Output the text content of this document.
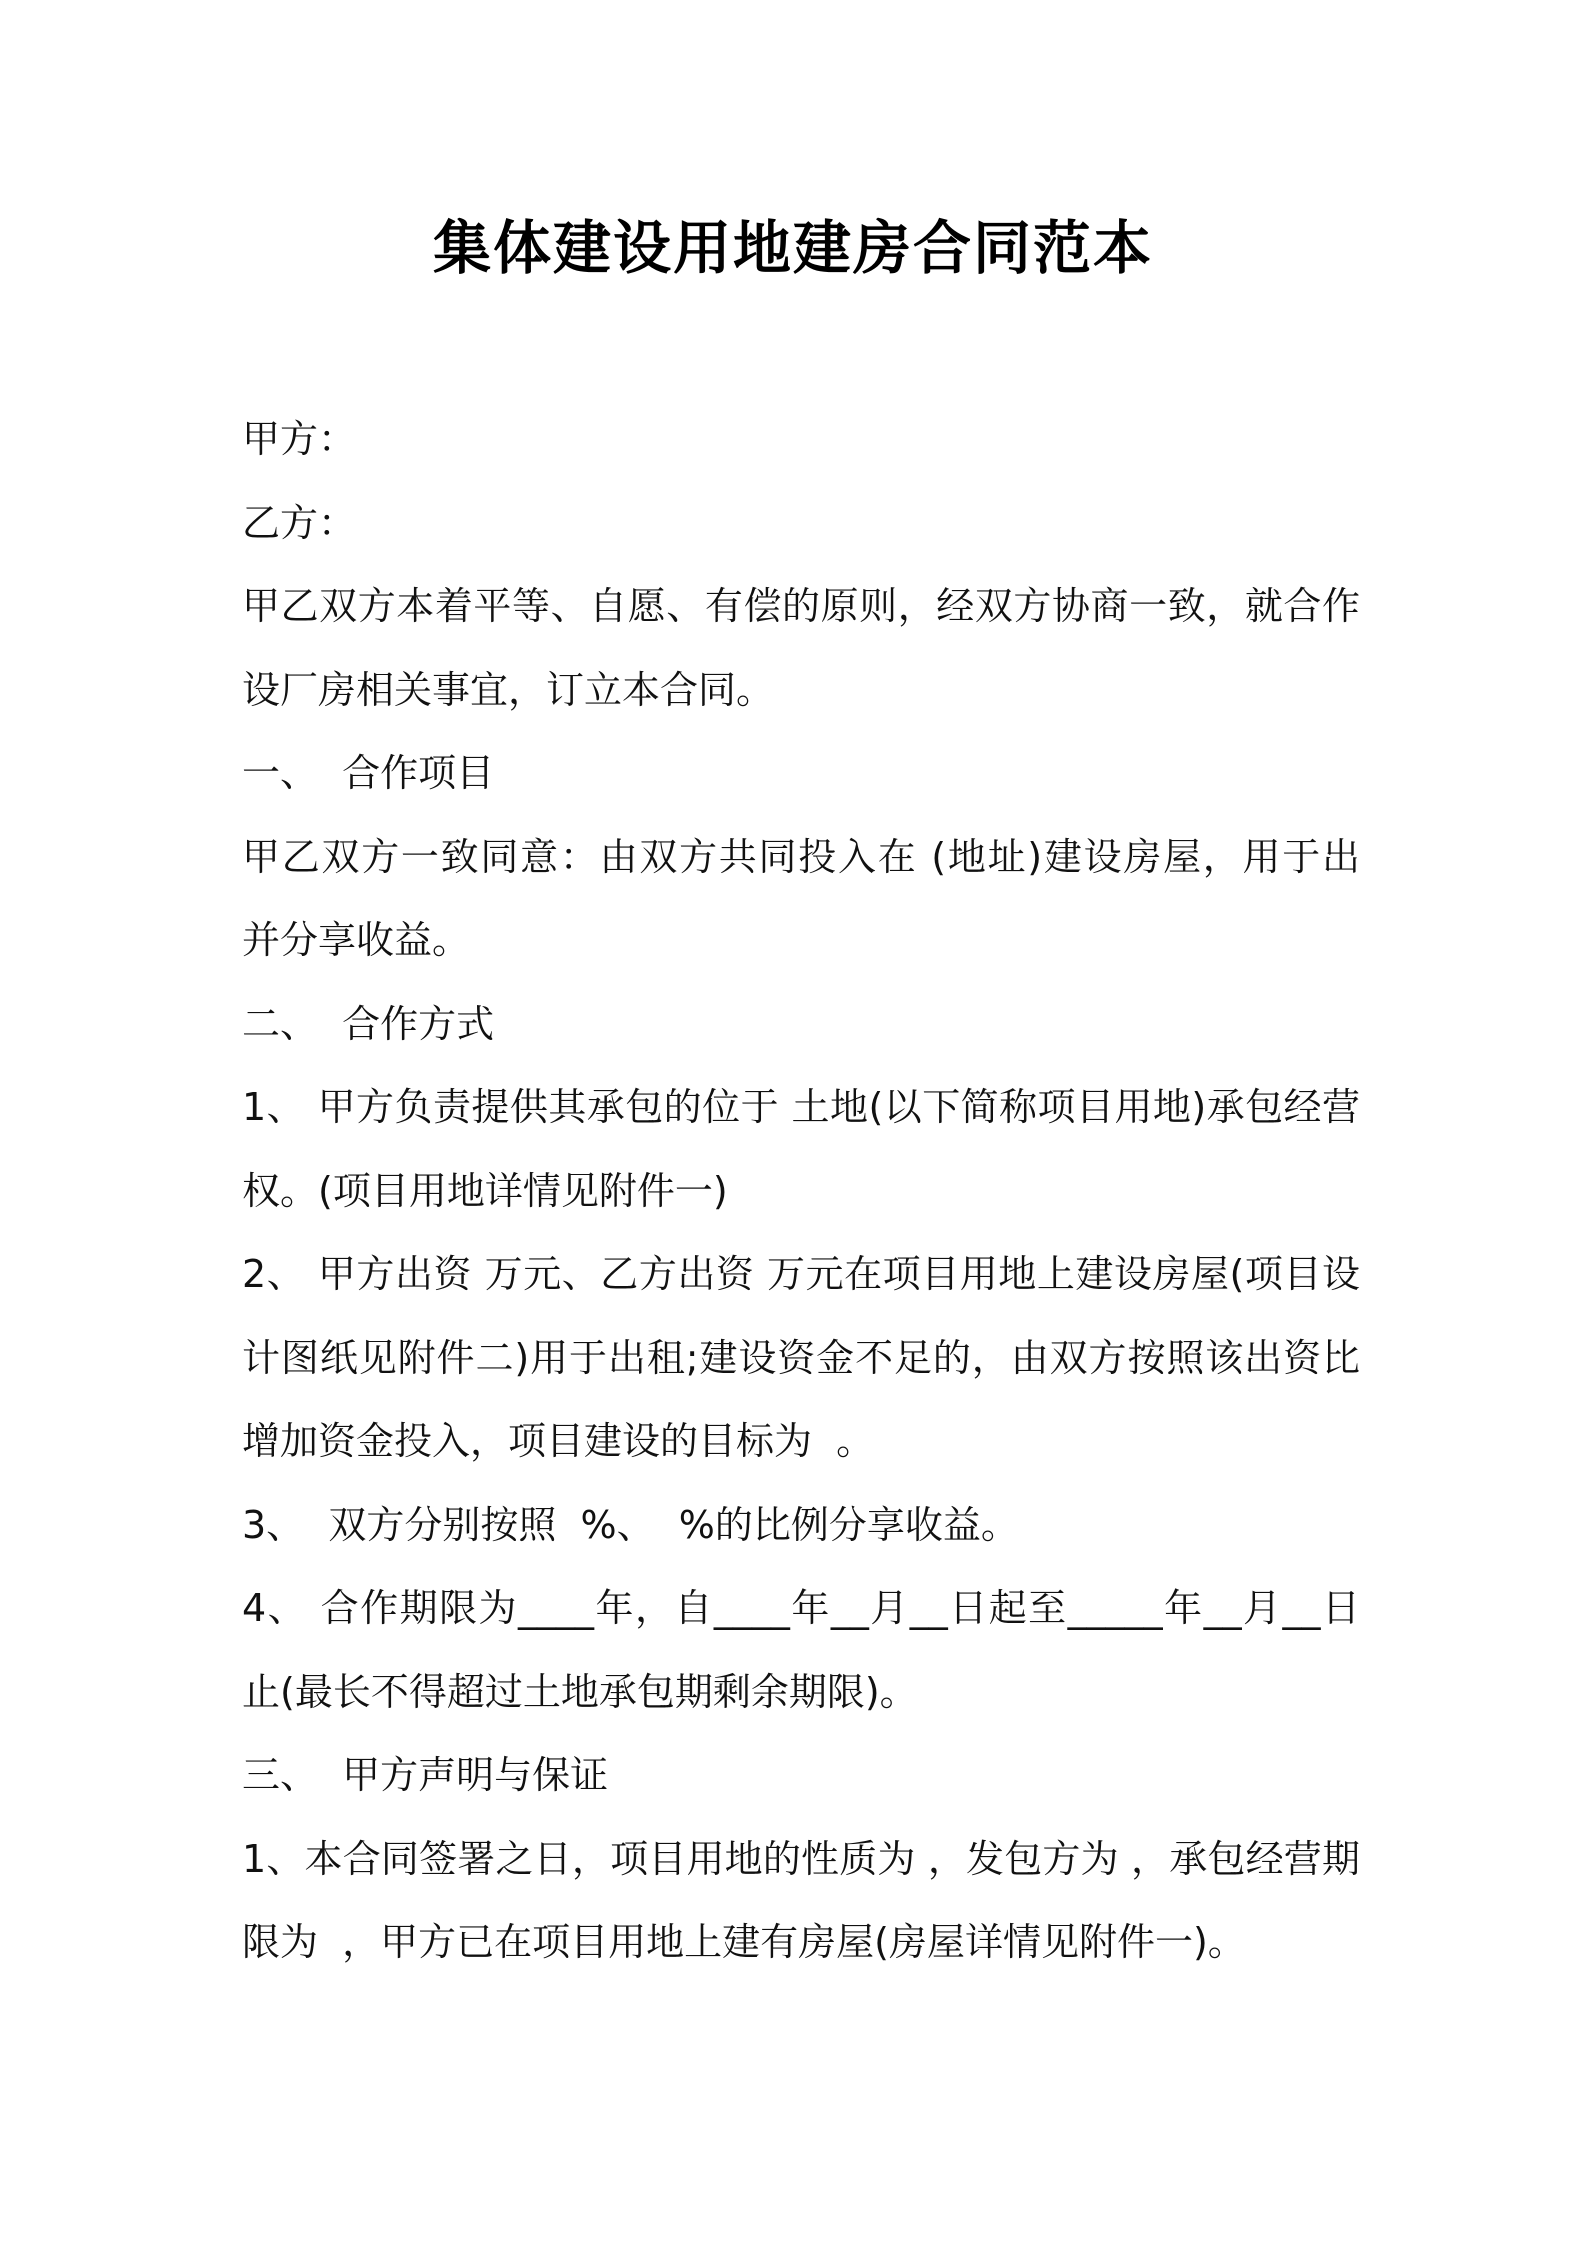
集体建设用地建房合同范本
甲方：
乙方：
甲乙双方本着平等、自愿、有偿的原则，经双方协商一致，就合作
设厂房相关事宜，订立本合同。
一、  合作项目
甲乙双方一致同意：由双方共同投入在 (地址)建设房屋，用于出
并分享收益。
二、  合作方式
1、 甲方负责提供其承包的位于 土地(以下简称项目用地)承包经营
权。(项目用地详情见附件一)
2、 甲方出资 万元、乙方出资 万元在项目用地上建设房屋(项目设
计图纸见附件二)用于出租;建设资金不足的，由双方按照该出资比
增加资金投入，项目建设的目标为  。
3、  双方分别按照  %、  %的比例分享收益。
4、 合作期限为____年，自____年__月__日起至_____年__月__日
止(最长不得超过土地承包期剩余期限)。
三、  甲方声明与保证
1、本合同签署之日，项目用地的性质为 ，发包方为 ，承包经营期
限为  ，甲方已在项目用地上建有房屋(房屋详情见附件一)。
